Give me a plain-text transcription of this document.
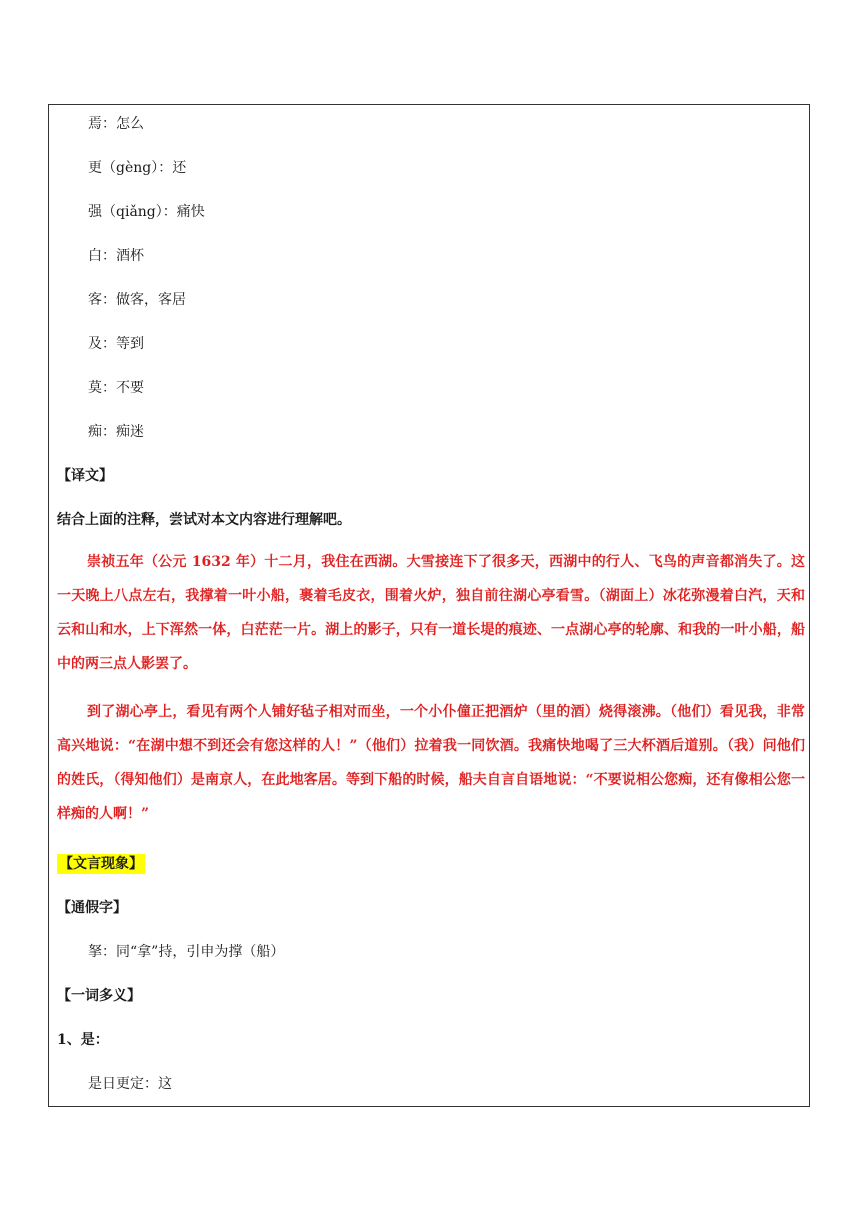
焉：怎么
更（gèng）：还
强（qiǎng）：痛快
白：酒杯
客：做客，客居
及：等到
莫：不要
痴：痴迷
【译文】
结合上面的注释，尝试对本文内容进行理解吧。

崇祯五年（公元 1632 年）十二月，我住在西湖。大雪接连下了很多天，西湖中的行人、飞鸟的声音都消失了。这一天晚上八点左右，我撑着一叶小船，裹着毛皮衣，围着火炉，独自前往湖心亭看雪。（湖面上）冰花弥漫着白汽，天和云和山和水，上下浑然一体，白茫茫一片。湖上的影子，只有一道长堤的痕迹、一点湖心亭的轮廓、和我的一叶小船，船中的两三点人影罢了。

到了湖心亭上，看见有两个人铺好毡子相对而坐，一个小仆僮正把酒炉（里的酒）烧得滚沸。（他们）看见我，非常高兴地说：“在湖中想不到还会有您这样的人！”（他们）拉着我一同饮酒。我痛快地喝了三大杯酒后道别。（我）问他们的姓氏，（得知他们）是南京人，在此地客居。等到下船的时候，船夫自言自语地说：“不要说相公您痴，还有像相公您一样痴的人啊！”

【文言现象】
【通假字】
拏：同“拿”持，引申为撑（船）
【一词多义】
1、是：
是日更定：这
